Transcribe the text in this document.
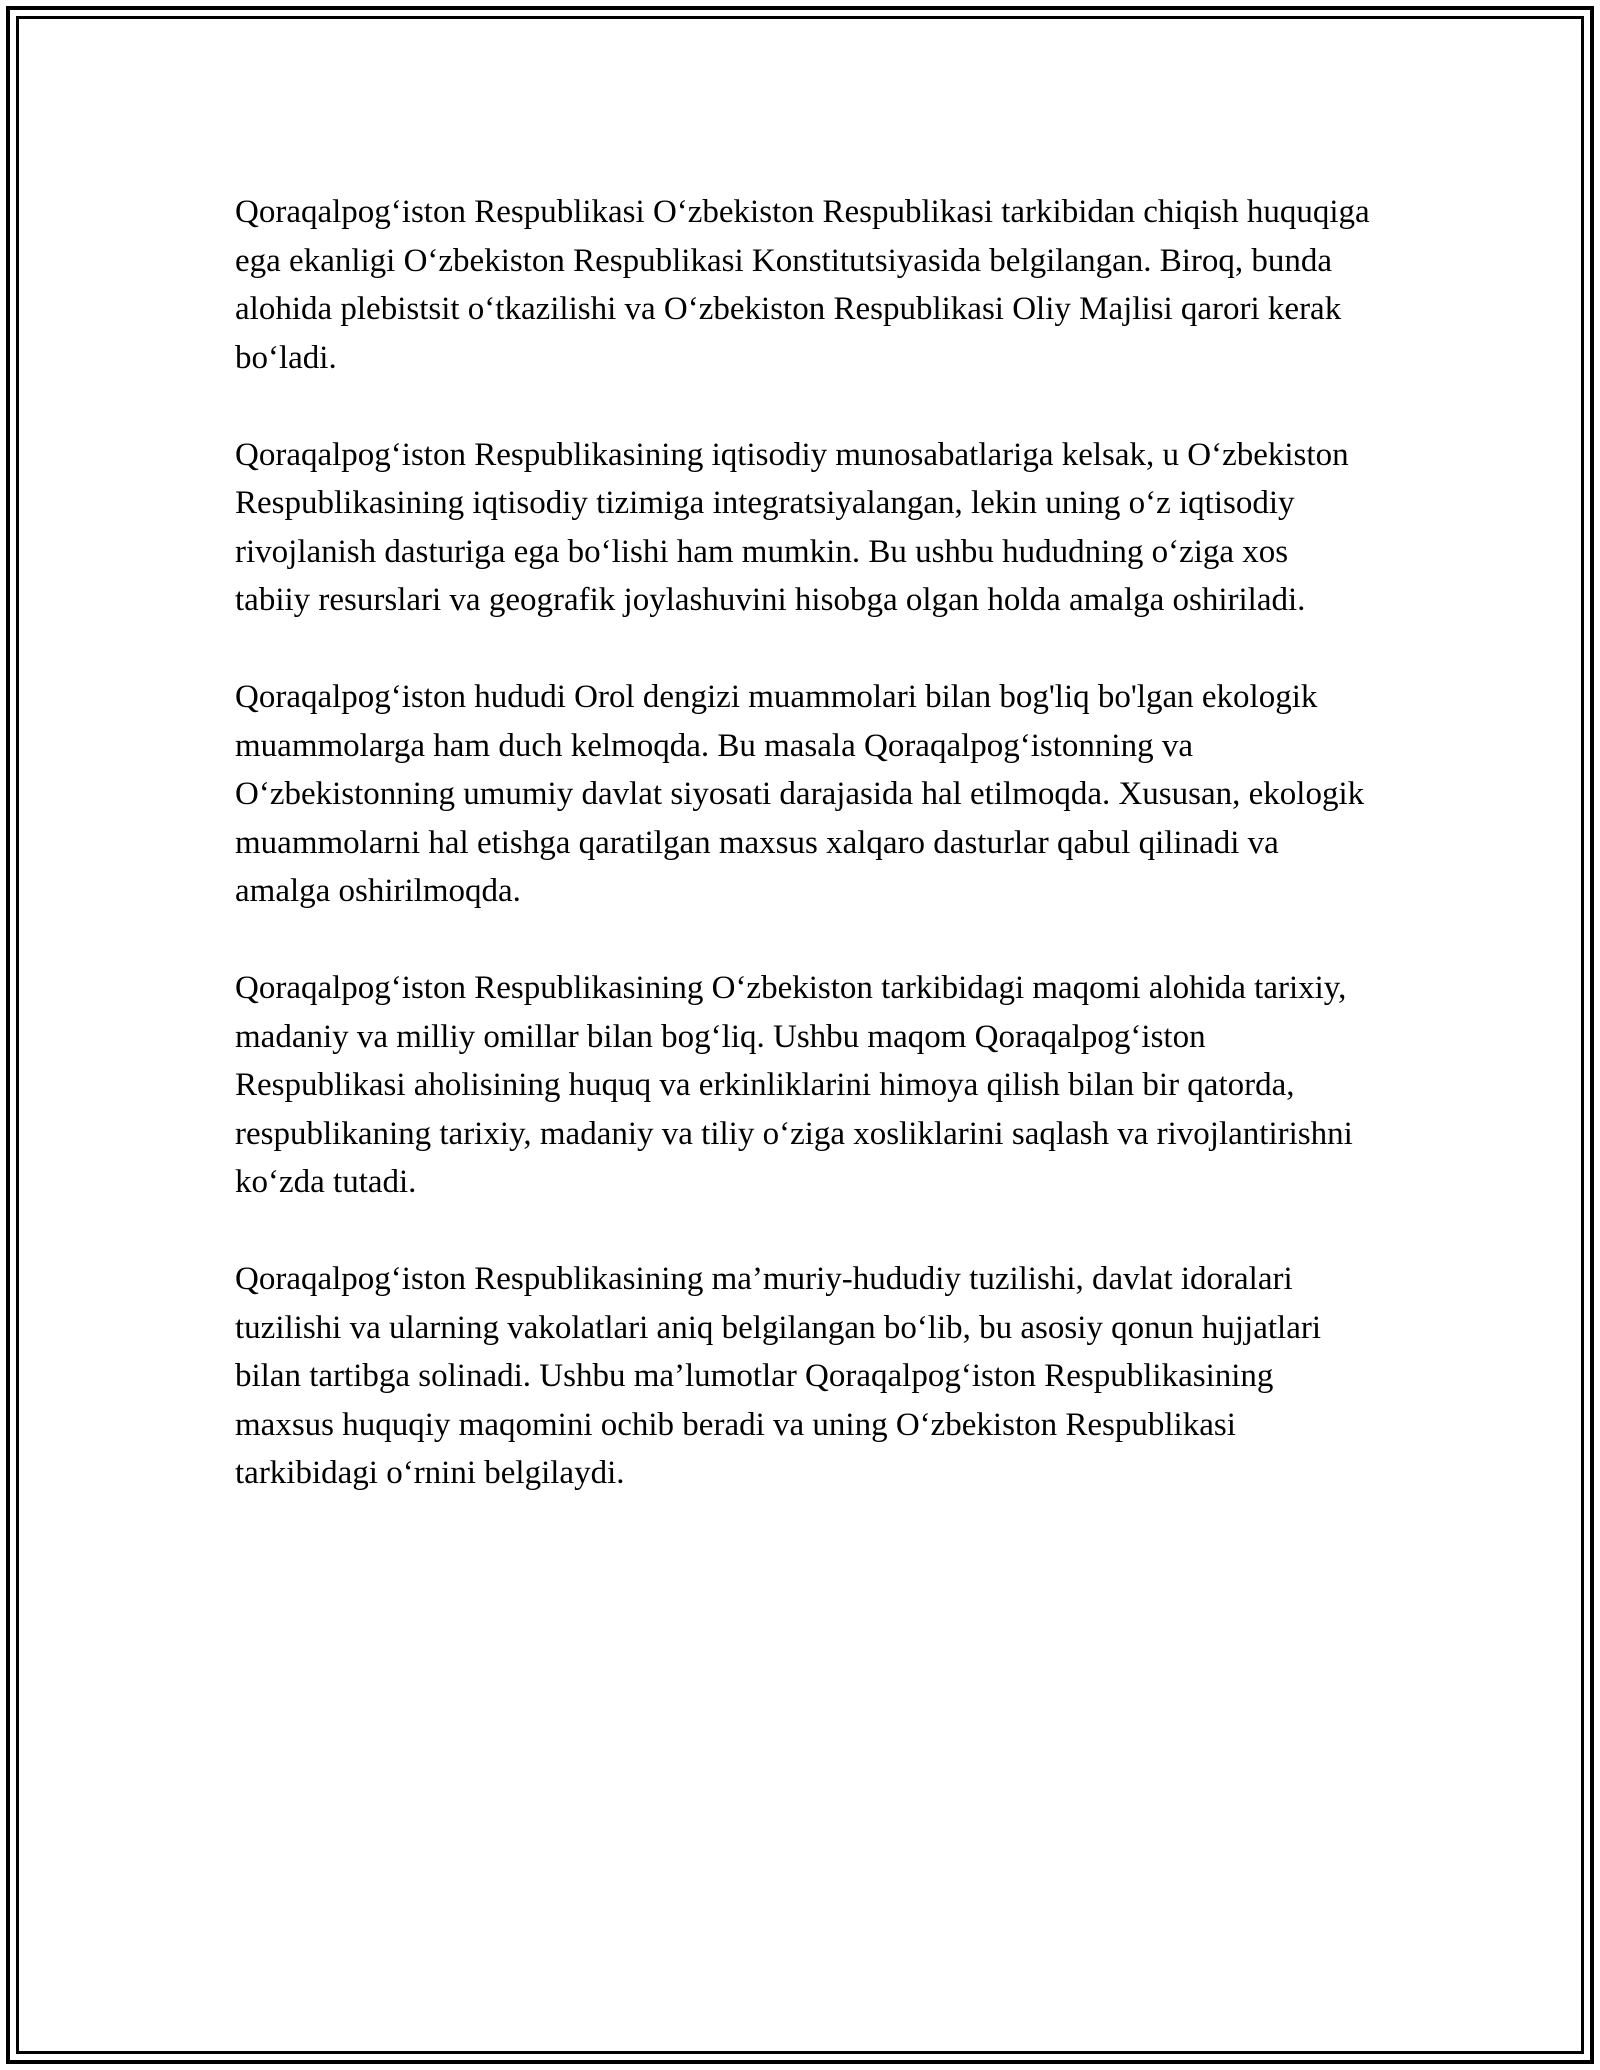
Qoraqalpog‘iston Respublikasi O‘zbekiston Respublikasi tarkibidan chiqish huquqiga ega ekanligi O‘zbekiston Respublikasi Konstitutsiyasida belgilangan. Biroq, bunda alohida plebistsit o‘tkazilishi va O‘zbekiston Respublikasi Oliy Majlisi qarori kerak bo‘ladi.

Qoraqalpog‘iston Respublikasining iqtisodiy munosabatlariga kelsak, u O‘zbekiston Respublikasining iqtisodiy tizimiga integratsiyalangan, lekin uning o‘z iqtisodiy rivojlanish dasturiga ega bo‘lishi ham mumkin. Bu ushbu hududning o‘ziga xos tabiiy resurslari va geografik joylashuvini hisobga olgan holda amalga oshiriladi.

Qoraqalpog‘iston hududi Orol dengizi muammolari bilan bog'liq bo'lgan ekologik muammolarga ham duch kelmoqda. Bu masala Qoraqalpog‘istonning va O‘zbekistonning umumiy davlat siyosati darajasida hal etilmoqda. Xususan, ekologik muammolarni hal etishga qaratilgan maxsus xalqaro dasturlar qabul qilinadi va amalga oshirilmoqda.

Qoraqalpog‘iston Respublikasining O‘zbekiston tarkibidagi maqomi alohida tarixiy, madaniy va milliy omillar bilan bog‘liq. Ushbu maqom Qoraqalpog‘iston Respublikasi aholisining huquq va erkinliklarini himoya qilish bilan bir qatorda, respublikaning tarixiy, madaniy va tiliy o‘ziga xosliklarini saqlash va rivojlantirishni ko‘zda tutadi.

Qoraqalpog‘iston Respublikasining ma’muriy-hududiy tuzilishi, davlat idoralari tuzilishi va ularning vakolatlari aniq belgilangan bo‘lib, bu asosiy qonun hujjatlari bilan tartibga solinadi. Ushbu ma’lumotlar Qoraqalpog‘iston Respublikasining maxsus huquqiy maqomini ochib beradi va uning O‘zbekiston Respublikasi tarkibidagi o‘rnini belgilaydi.
